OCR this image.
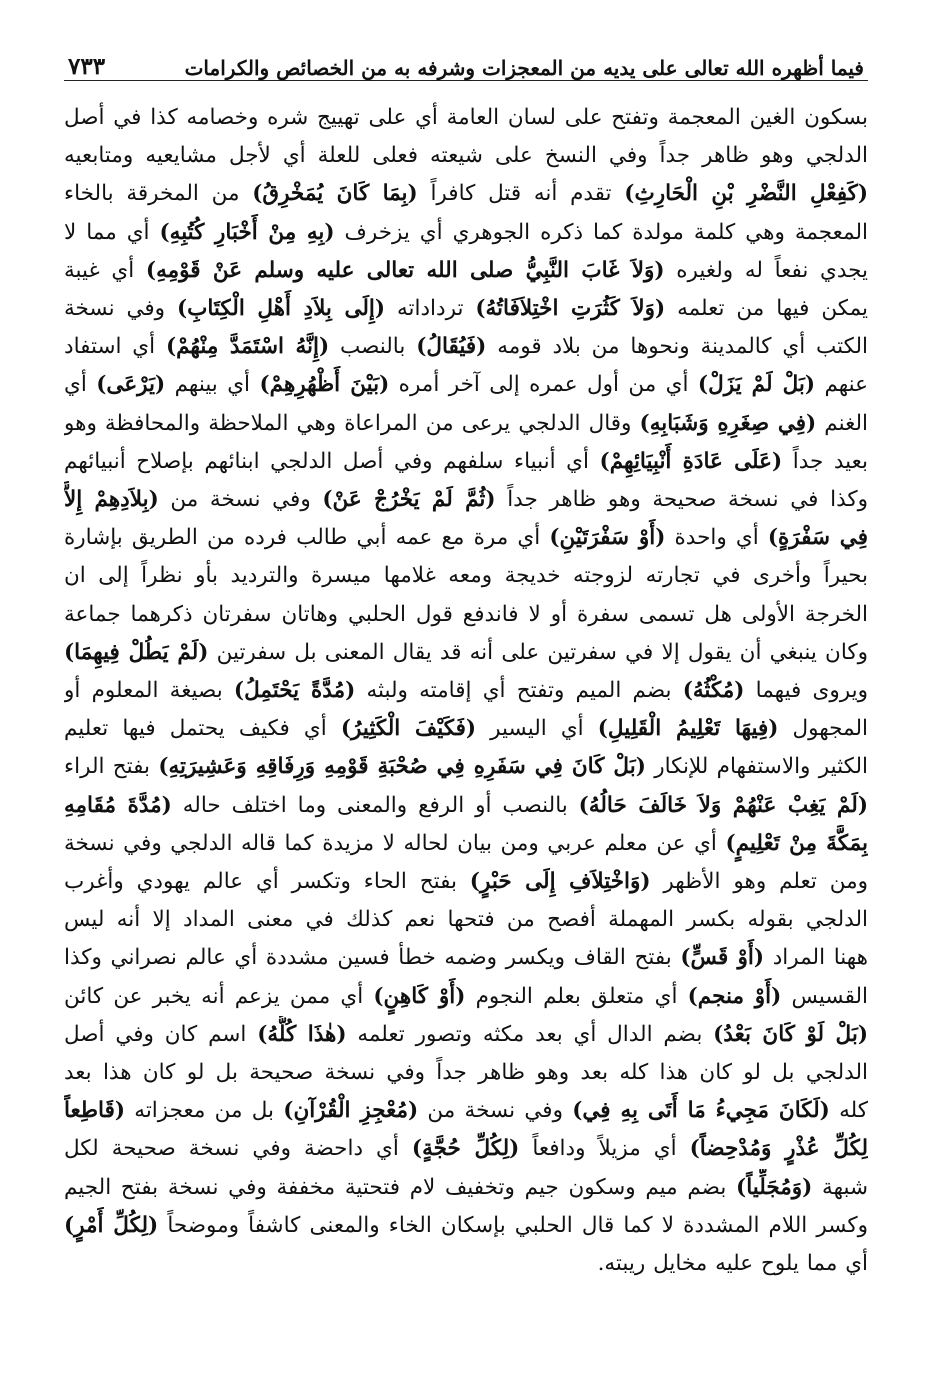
فيما أظهره الله تعالى على يديه من المعجزات وشرفه به من الخصائص والكرامات
٧٣٣
بسكون الغين المعجمة وتفتح على لسان العامة أي على تهييج شره وخصامه كذا في أصل
الدلجي وهو ظاهر جداً وفي النسخ على شيعته فعلى للعلة أي لأجل مشايعيه ومتابعيه
(كَفِعْلِ النَّضْرِ بْنِ الْحَارِثِ) تقدم أنه قتل كافراً (بِمَا كَانَ يُمَخْرِقُ) من المخرقة بالخاء
المعجمة وهي كلمة مولدة كما ذكره الجوهري أي يزخرف (بِهِ مِنْ أَخْبَارِ كُتُبِهِ) أي مما لا
يجدي نفعاً له ولغيره (وَلاَ غَابَ النَّبِيُّ صلى الله تعالى عليه وسلم عَنْ قَوْمِهِ) أي غيبة
يمكن فيها من تعلمه (وَلاَ كَثُرَتِ اخْتِلاَفَاتُهُ) ترداداته (إِلَى بِلاَدِ أَهْلِ الْكِتَابِ) وفي نسخة
الكتب أي كالمدينة ونحوها من بلاد قومه (فَيُقَالُ) بالنصب (إِنَّهُ اسْتَمَدَّ مِنْهُمْ) أي استفاد
عنهم (بَلْ لَمْ يَزَلْ) أي من أول عمره إلى آخر أمره (بَيْنَ أَظْهُرِهِمْ) أي بينهم (يَرْعَى) أي
الغنم (فِي صِغَرِهِ وَشَبَابِهِ) وقال الدلجي يرعى من المراعاة وهي الملاحظة والمحافظة وهو
بعيد جداً (عَلَى عَادَةِ أَنْبِيَائِهِمْ) أي أنبياء سلفهم وفي أصل الدلجي ابنائهم بإصلاح أنبيائهم
وكذا في نسخة صحيحة وهو ظاهر جداً (ثُمَّ لَمْ يَخْرُجْ عَنْ) وفي نسخة من (بِلاَدِهِمْ إِلاَّ
فِي سَفْرَةٍ) أي واحدة (أَوْ سَفْرَتَيْنِ) أي مرة مع عمه أبي طالب فرده من الطريق بإشارة
بحيراً وأخرى في تجارته لزوجته خديجة ومعه غلامها ميسرة والترديد بأو نظراً إلى ان
الخرجة الأولى هل تسمى سفرة أو لا فاندفع قول الحلبي وهاتان سفرتان ذكرهما جماعة
وكان ينبغي أن يقول إلا في سفرتين على أنه قد يقال المعنى بل سفرتين (لَمْ يَطُلْ فِيهِمَا)
ويروى فيهما (مُكْثُهُ) بضم الميم وتفتح أي إقامته ولبثه (مُدَّةً يَحْتَمِلُ) بصيغة المعلوم أو
المجهول (فِيهَا تَعْلِيمُ الْقَلِيلِ) أي اليسير (فَكَيْفَ الْكَثِيرُ) أي فكيف يحتمل فيها تعليم
الكثير والاستفهام للإنكار (بَلْ كَانَ فِي سَفَرِهِ فِي صُحْبَةِ قَوْمِهِ وَرِفَاقِهِ وَعَشِيرَتِهِ) بفتح الراء
(لَمْ يَغِبْ عَنْهُمْ وَلاَ خَالَفَ حَالُهُ) بالنصب أو الرفع والمعنى وما اختلف حاله (مُدَّةَ مُقَامِهِ
بِمَكَّةَ مِنْ تَعْلِيمٍ) أي عن معلم عربي ومن بيان لحاله لا مزيدة كما قاله الدلجي وفي نسخة
ومن تعلم وهو الأظهر (وَاخْتِلاَفِ إِلَى حَبْرٍ) بفتح الحاء وتكسر أي عالم يهودي وأغرب
الدلجي بقوله بكسر المهملة أفصح من فتحها نعم كذلك في معنى المداد إلا أنه ليس
ههنا المراد (أَوْ قَسٍّ) بفتح القاف ويكسر وضمه خطأ فسين مشددة أي عالم نصراني وكذا
القسيس (أَوْ منجم) أي متعلق بعلم النجوم (أَوْ كَاهِنٍ) أي ممن يزعم أنه يخبر عن كائن
(بَلْ لَوْ كَانَ بَعْدُ) بضم الدال أي بعد مكثه وتصور تعلمه (هٰذَا كُلُّهُ) اسم كان وفي أصل
الدلجي بل لو كان هذا كله بعد وهو ظاهر جداً وفي نسخة صحيحة بل لو كان هذا بعد
كله (لَكَانَ مَجِيءُ مَا أَتَى بِهِ فِي) وفي نسخة من (مُعْجِزِ الْقُرْآنِ) بل من معجزاته (قَاطِعاً
لِكُلِّ عُذْرٍ وَمُدْحِضاً) أي مزيلاً ودافعاً (لِكُلِّ حُجَّةٍ) أي داحضة وفي نسخة صحيحة لكل
شبهة (وَمُجَلِّياً) بضم ميم وسكون جيم وتخفيف لام فتحتية مخففة وفي نسخة بفتح الجيم
وكسر اللام المشددة لا كما قال الحلبي بإسكان الخاء والمعنى كاشفاً وموضحاً (لِكُلِّ أَمْرٍ)
أي مما يلوح عليه مخايل ريبته.
